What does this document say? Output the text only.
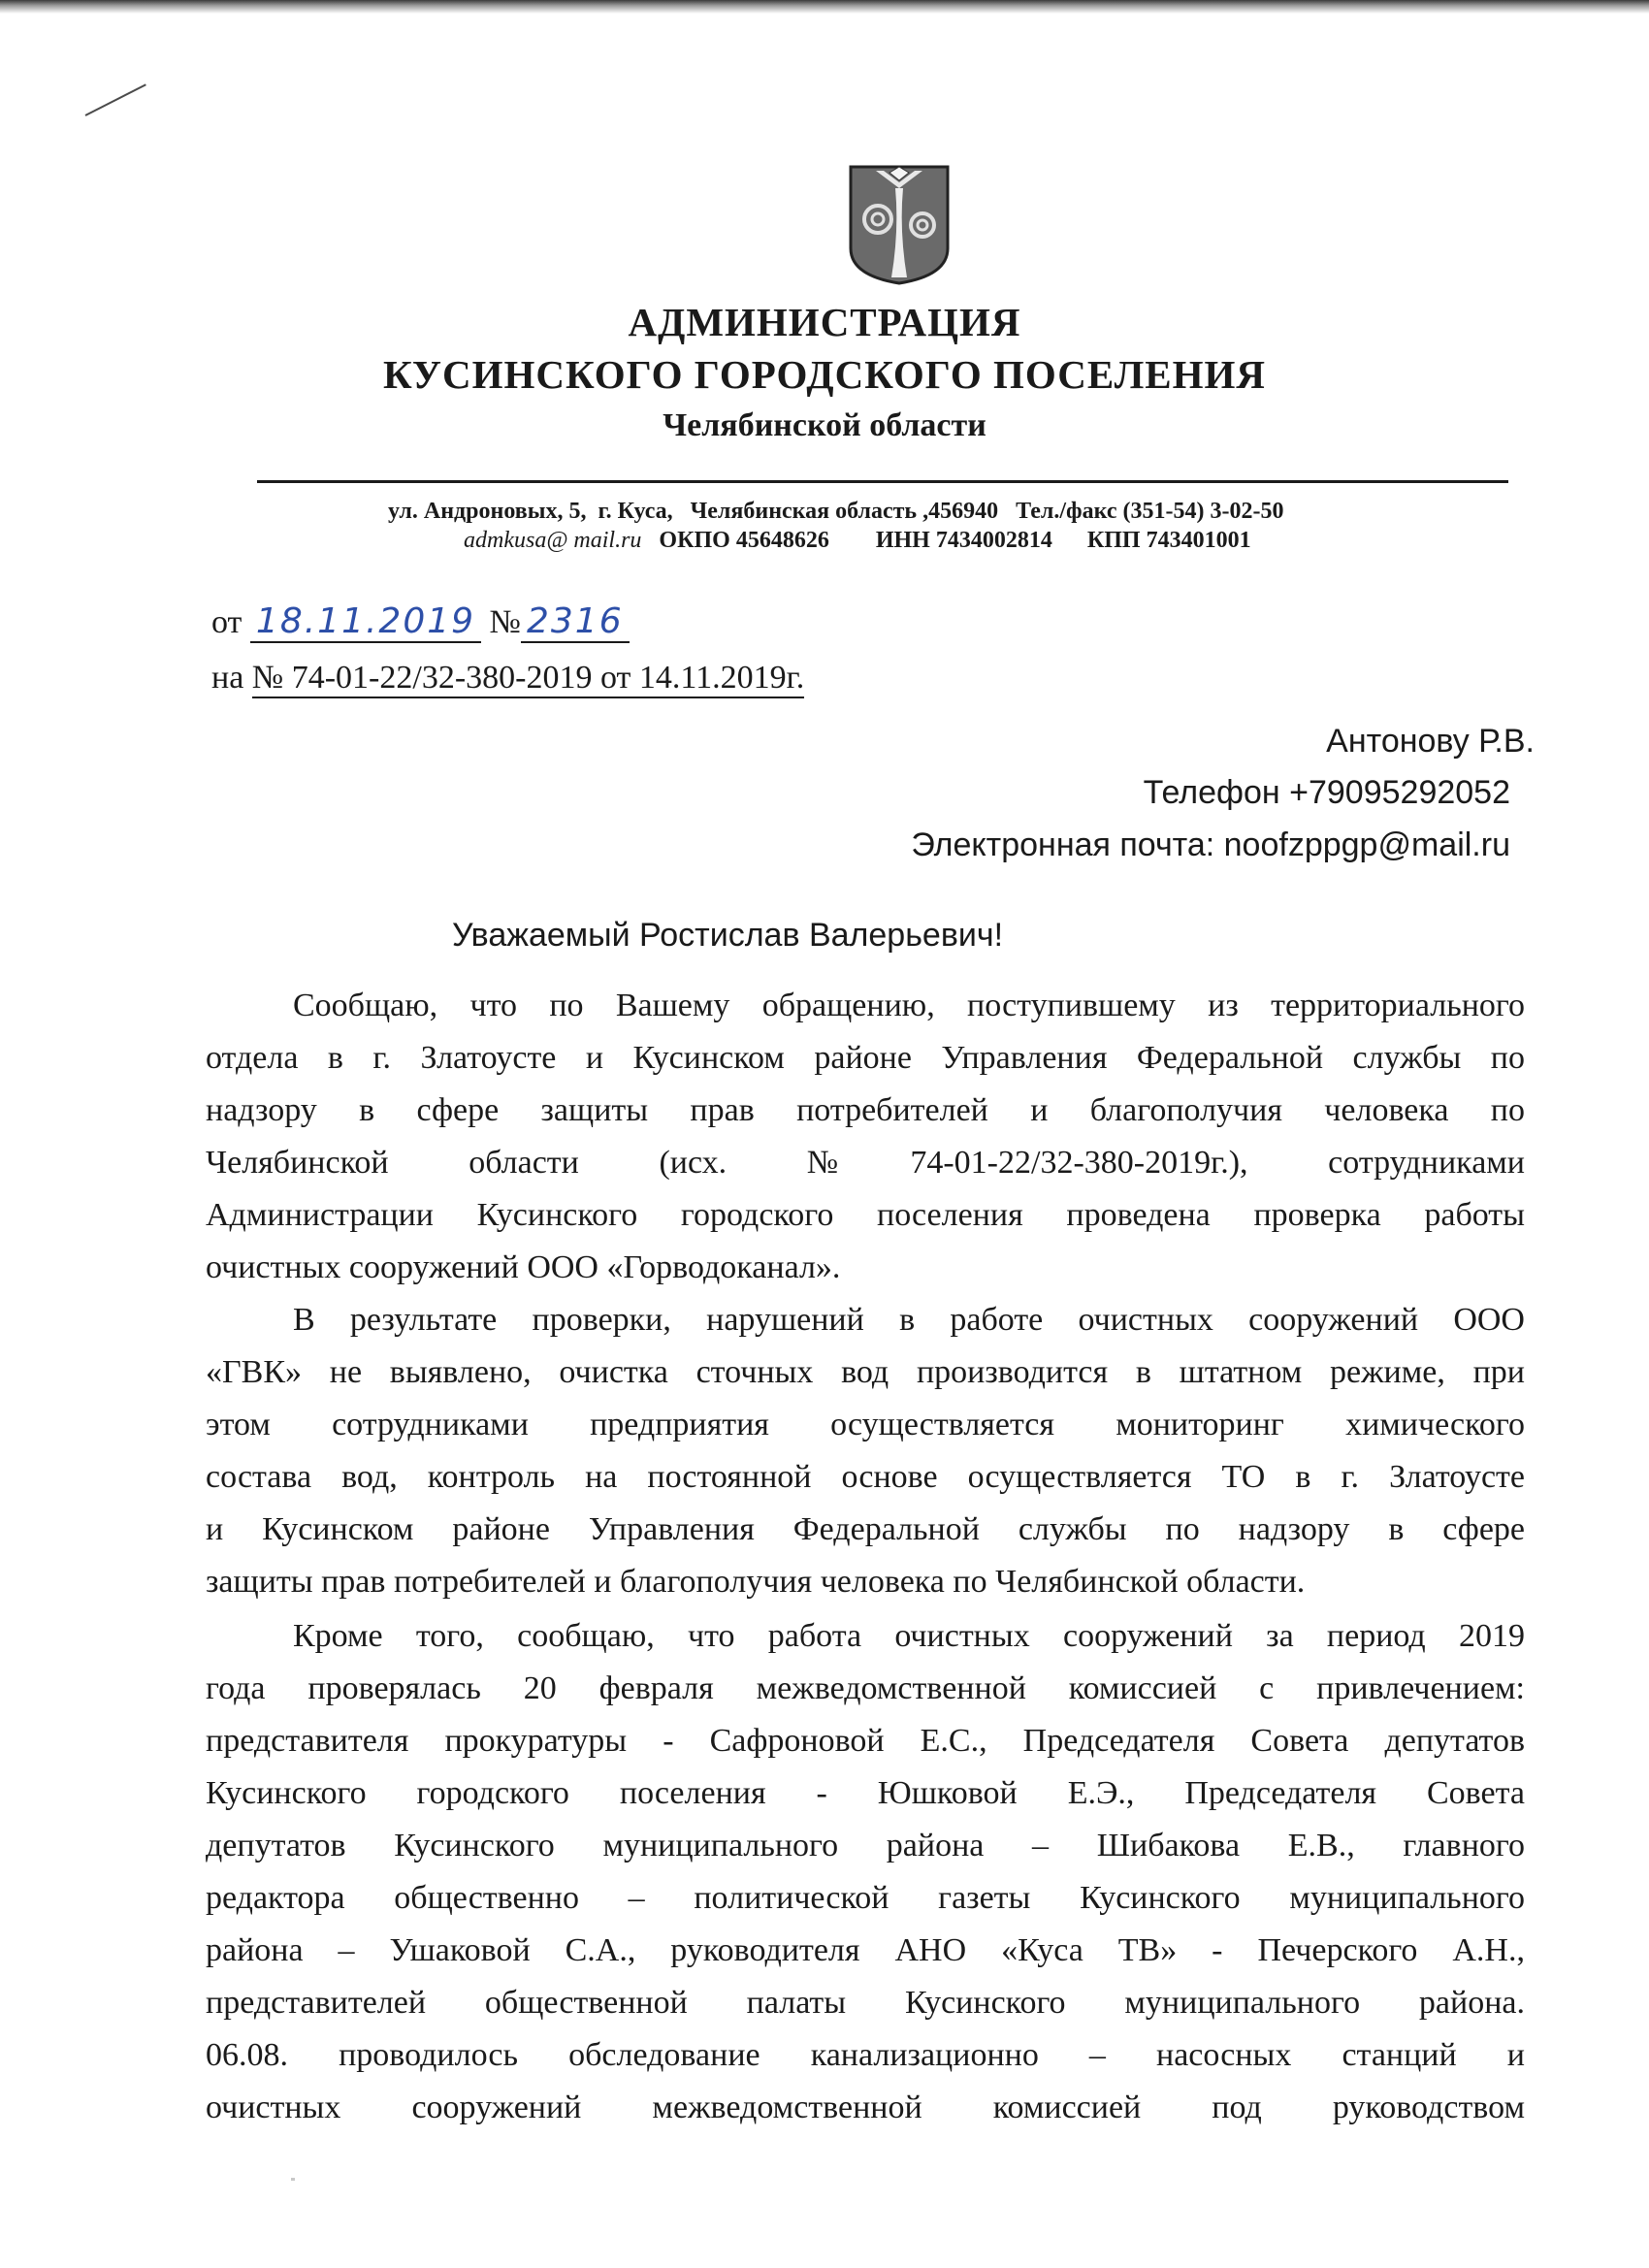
АДМИНИСТРАЦИЯ
КУСИНСКОГО ГОРОДСКОГО ПОСЕЛЕНИЯ
Челябинской области
ул. Андроновых, 5,  г. Куса,   Челябинская область ,456940   Тел./факс (351-54) 3-02-50
admkusa@ mail.ru ОКПО 45648626 ИНН 7434002814 КПП 743401001
от 18.11.2019 № 2316
на № 74-01-22/32-380-2019 от 14.11.2019г.
Антонову Р.В.
Телефон +79095292052
Электронная почта: noofzppgp@mail.ru
Уважаемый Ростислав Валерьевич!
Сообщаю, что по Вашему обращению, поступившему из территориального
отдела в г. Златоусте и Кусинском районе Управления Федеральной службы по
надзору в сфере защиты прав потребителей и благополучия человека по
Челябинской области (исх. №74-01-22/32-380-2019г.), сотрудниками
Администрации Кусинского городского поселения проведена проверка работы
очистных сооружений ООО «Горводоканал».
В результате проверки, нарушений в работе очистных сооружений ООО
«ГВК» не выявлено, очистка сточных вод производится в штатном режиме, при
этом сотрудниками предприятия осуществляется мониторинг химического
состава вод, контроль на постоянной основе осуществляется ТО в г. Златоусте
и Кусинском районе Управления Федеральной службы по надзору в сфере
защиты прав потребителей и благополучия человека по Челябинской области.
Кроме того, сообщаю, что работа очистных сооружений за период 2019
года проверялась 20 февраля межведомственной комиссией с привлечением:
представителя прокуратуры - Сафроновой Е.С., Председателя Совета депутатов
Кусинского городского поселения - Юшковой Е.Э., Председателя Совета
депутатов Кусинского муниципального района – Шибакова Е.В., главного
редактора общественно – политической газеты Кусинского муниципального
района – Ушаковой С.А., руководителя АНО «Куса ТВ» - Печерского А.Н.,
представителей общественной палаты Кусинского муниципального района.
06.08. проводилось обследование канализационно – насосных станций и
очистных сооружений межведомственной комиссией под руководством
